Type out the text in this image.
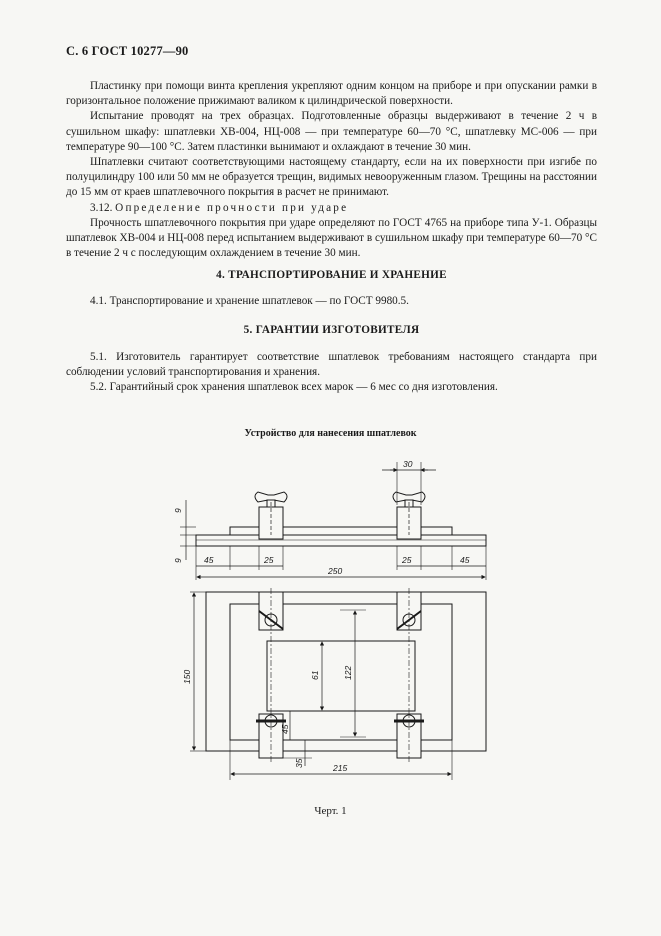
С. 6 ГОСТ 10277—90

Пластинку при помощи винта крепления укрепляют одним концом на приборе и при опускании рамки в горизонтальное положение прижимают валиком к цилиндрической поверхности.

Испытание проводят на трех образцах. Подготовленные образцы выдерживают в течение 2 ч в сушильном шкафу: шпатлевки ХВ-004, НЦ-008 — при температуре 60—70 °С, шпатлевку МС-006 — при температуре 90—100 °С. Затем пластинки вынимают и охлаждают в течение 30 мин.

Шпатлевки считают соответствующими настоящему стандарту, если на их поверхности при изгибе по полуцилиндру 100 или 50 мм не образуется трещин, видимых невооруженным глазом. Трещины на расстоянии до 15 мм от краев шпатлевочного покрытия в расчет не принимают.

3.12. Определение прочности при ударе

Прочность шпатлевочного покрытия при ударе определяют по ГОСТ 4765 на приборе типа У-1. Образцы шпатлевок ХВ-004 и НЦ-008 перед испытанием выдерживают в сушильном шкафу при температуре 60—70 °С в течение 2 ч с последующим охлаждением в течение 30 мин.

4. ТРАНСПОРТИРОВАНИЕ И ХРАНЕНИЕ

4.1. Транспортирование и хранение шпатлевок — по ГОСТ 9980.5.

5. ГАРАНТИИ ИЗГОТОВИТЕЛЯ

5.1. Изготовитель гарантирует соответствие шпатлевок требованиям настоящего стандарта при соблюдении условий транспортирования и хранения.

5.2. Гарантийный срок хранения шпатлевок всех марок — 6 мес со дня изготовления.

Устройство для нанесения шпатлевок
30
9
9 45	25	25	45
250
150	61	122
45
35	215
Черт. 1
